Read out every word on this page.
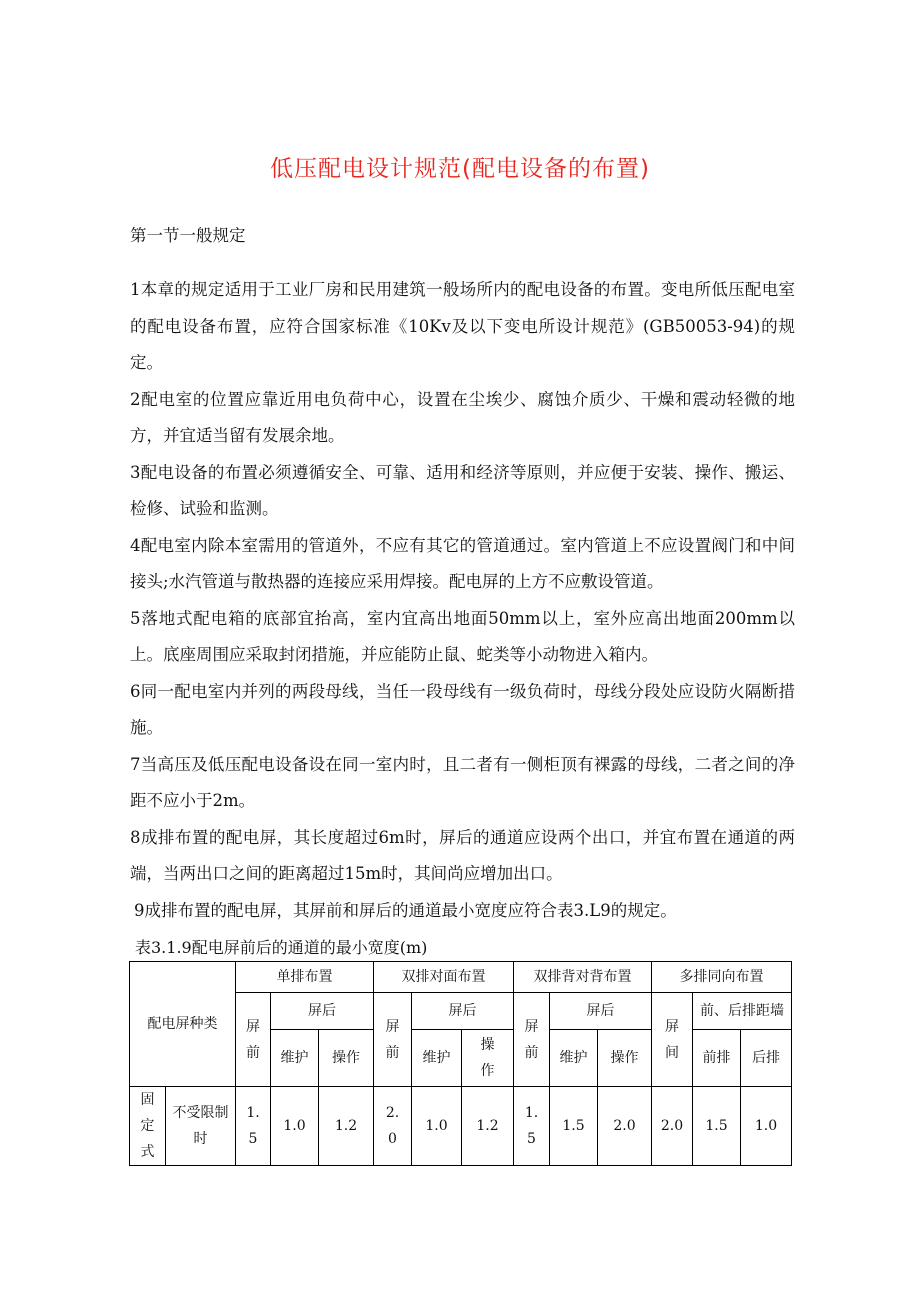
低压配电设计规范(配电设备的布置)
第一节一般规定

1本章的规定适用于工业厂房和民用建筑一般场所内的配电设备的布置。变电所低压配电室的配电设备布置，应符合国家标准《10Kv及以下变电所设计规范》(GB50053-94)的规定。

2配电室的位置应靠近用电负荷中心，设置在尘埃少、腐蚀介质少、干燥和震动轻微的地方，并宜适当留有发展余地。

3配电设备的布置必须遵循安全、可靠、适用和经济等原则，并应便于安装、操作、搬运、检修、试验和监测。

4配电室内除本室需用的管道外，不应有其它的管道通过。室内管道上不应设置阀门和中间接头;水汽管道与散热器的连接应采用焊接。配电屏的上方不应敷设管道。

5落地式配电箱的底部宜抬高，室内宜高出地面50mm以上，室外应高出地面200mm以上。底座周围应采取封闭措施，并应能防止鼠、蛇类等小动物进入箱内。

6同一配电室内并列的两段母线，当任一段母线有一级负荷时，母线分段处应设防火隔断措施。

7当高压及低压配电设备设在同一室内时，且二者有一侧柜顶有裸露的母线，二者之间的净距不应小于2m。

8成排布置的配电屏，其长度超过6m时，屏后的通道应设两个出口，并宜布置在通道的两端，当两出口之间的距离超过15m时，其间尚应增加出口。

9成排布置的配电屏，其屏前和屏后的通道最小宽度应符合表3.L9的规定。

表3.1.9配电屏前后的通道的最小宽度(m)
配电屏种类		单排布置			双排对面布置			双排背对背布置			多排同向布置		
		屏前	屏后		屏前	屏后		屏前	屏后		屏间	前、后排距墙	
			维护	操作		维护	操作		维护	操作		前排	后排
固定式	不受限制时	1.5	1.0	1.2	2.0	1.0	1.2	1.5	1.5	2.0	2.0	1.5	1.0
